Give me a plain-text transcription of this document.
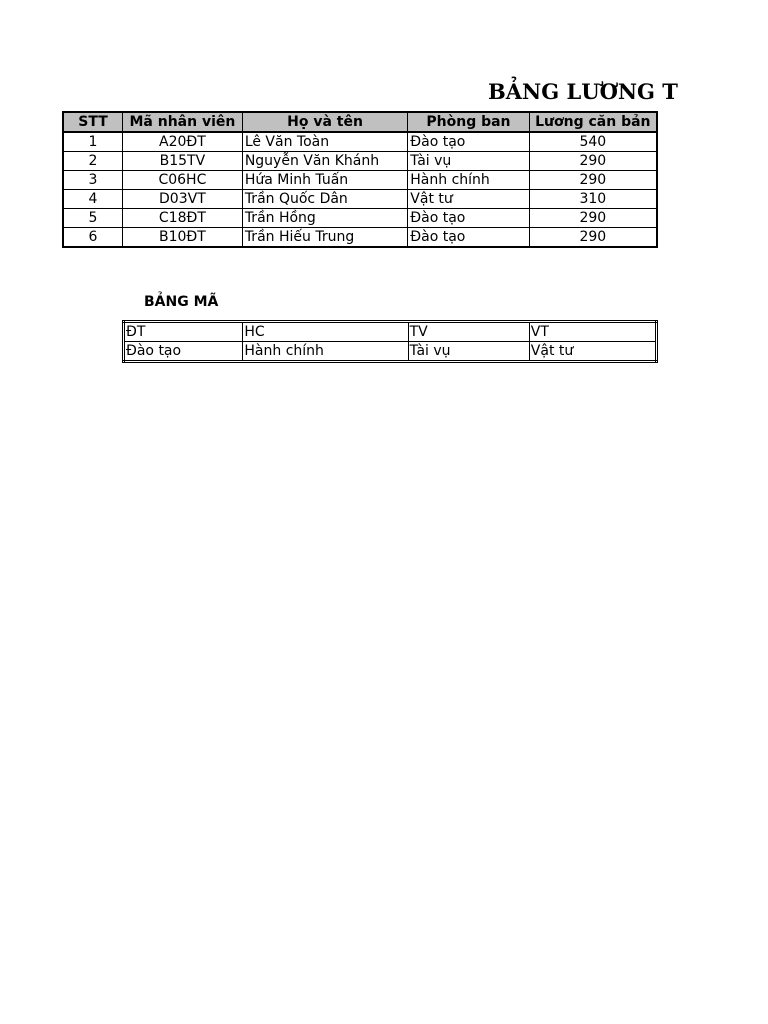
BẢNG LƯƠNG T
STT	Mã nhân viên	Họ và tên	Phòng ban	Lương căn bản
1	A20ĐT	Lê Văn Toàn	Đào tạo	540
2	B15TV	Nguyễn Văn Khánh	Tài vụ	290
3	C06HC	Hứa Minh Tuấn	Hành chính	290
4	D03VT	Trần Quốc Dân	Vật tư	310
5	C18ĐT	Trần Hồng	Đào tạo	290
6	B10ĐT	Trần Hiếu Trung	Đào tạo	290
BẢNG MÃ
ĐT	HC	TV	VT
Đào tạo	Hành chính	Tài vụ	Vật tư
